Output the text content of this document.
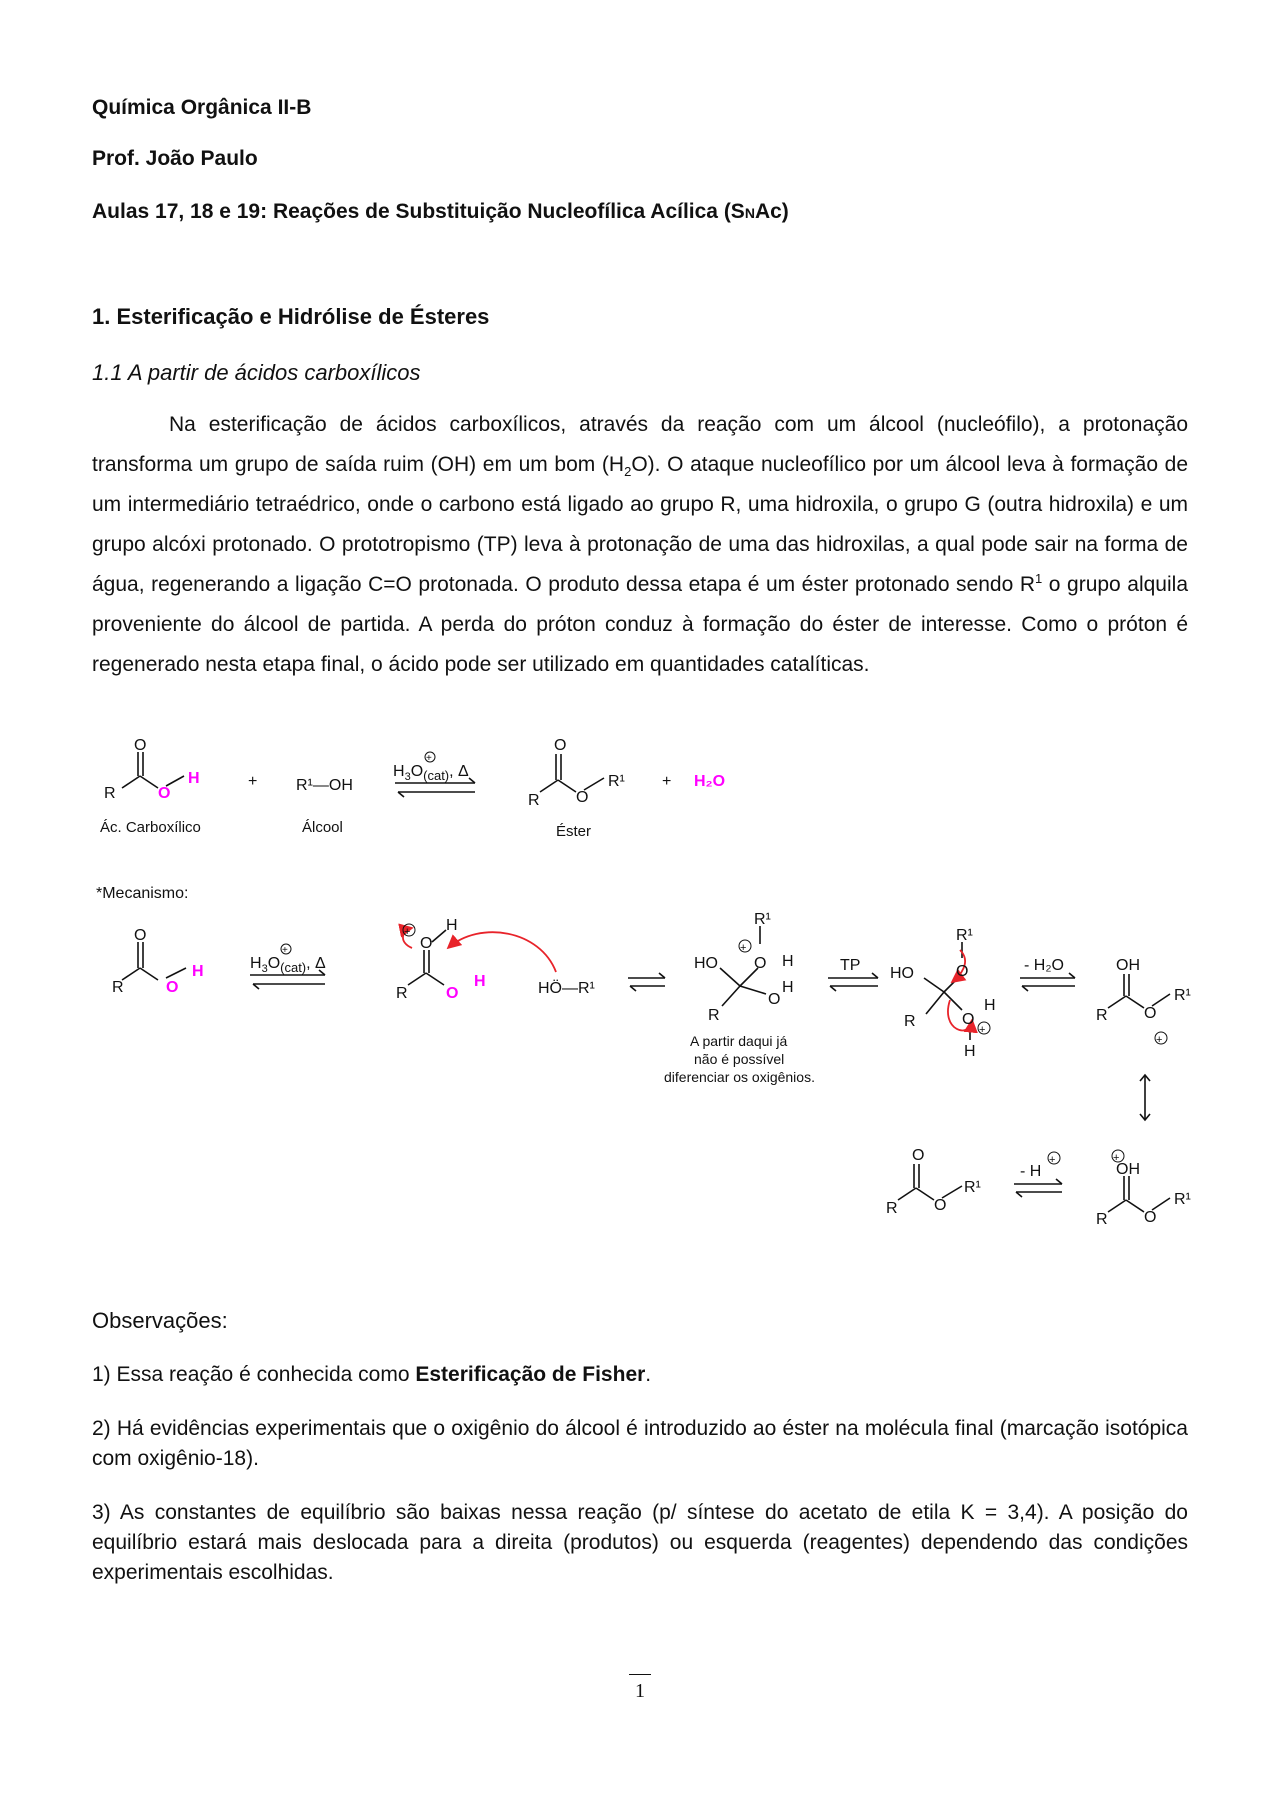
Química Orgânica II-B
Prof. João Paulo
Aulas 17, 18 e 19: Reações de Substituição Nucleofílica Acílica (SNAc)
1. Esterificação e Hidrólise de Ésteres
1.1 A partir de ácidos carboxílicos
Na esterificação de ácidos carboxílicos, através da reação com um álcool (nucleófilo), a protonação transforma um grupo de saída ruim (OH) em um bom $(H_2O)$. O ataque nucleofílico por um álcool leva à formação de um intermediário tetraédrico, onde o carbono está ligado ao grupo R, uma hidroxila, o grupo G (outra hidroxila) e um grupo alcóxi protonado. O prototropismo (TP) leva à protonação de uma das hidroxilas, a qual pode sair na forma de água, regenerando a ligação C=O protonada. O produto dessa etapa é um éster protonado sendo $R^1$ o grupo alquila proveniente do álcool de partida. A perda do próton conduz à formação do éster de interesse. Como o próton é regenerado nesta etapa final, o ácido pode ser utilizado em quantidades catalíticas.
O
R	O
H
Ác. Carboxílico
+ R¹—OH
Álcool
$H_3O_{(cat)}$, Δ
+
O
R O
R¹
Éster
+ H₂O
*Mecanismo:
O
R	O
H	$H_3O_{(cat)}$, Δ
+
+
O
H
R O
H	HÖ—R¹
R¹
HO
+
O H
R
O
H
A partir daqui já
não é possível
diferenciar os oxigênios.
TP
R¹
HO	O
R	O
H
+
H
- H₂O	OH
R O
R¹
+
O
R O
R¹
- H
+	+
OH
R O
R¹
Observações:
1) Essa reação é conhecida como Esterificação de Fisher.
2) Há evidências experimentais que o oxigênio do álcool é introduzido ao éster na molécula final (marcação isotópica com oxigênio-18).
3) As constantes de equilíbrio são baixas nessa reação (p/ síntese do acetato de etila K = 3,4). A posição do equilíbrio estará mais deslocada para a direita (produtos) ou esquerda (reagentes) dependendo das condições experimentais escolhidas.
1
